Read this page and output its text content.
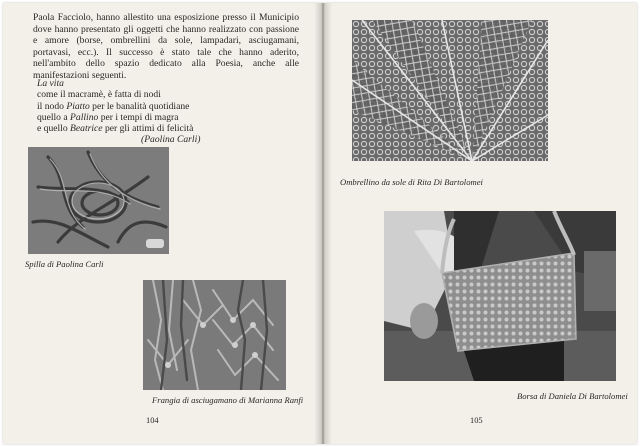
Paola Facciolo, hanno allestito una esposizione presso il Municipio dove hanno presentato gli oggetti che hanno realizzato con passione e amore (borse, ombrellini da sole, lampadari, asciugamani, portavasi, ecc.). Il successo è stato tale che hanno aderito, nell'ambito dello spazio dedicato alla Poesia, anche alle manifestazioni seguenti.

La vita
come il macramè, è fatta di nodi
il nodo Piatto per le banalità quotidiane
quello a Pallino per i tempi di magra
e quello Beatrice per gli attimi di felicità
(Paolina Carli)
Spilla di Paolina Carli
Frangia di asciugamano di Marianna Ranfi
104
Ombrellino da sole di Rita Di Bartolomei
Borsa di Daniela Di Bartolomei
105
